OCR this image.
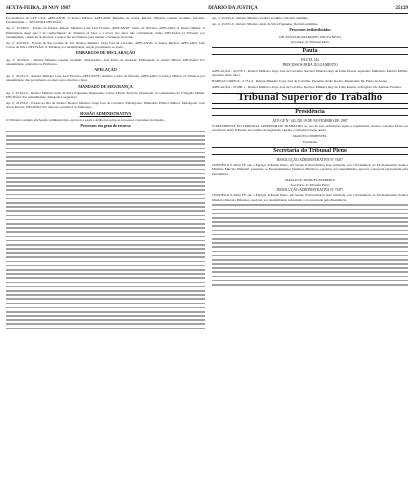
SEXTA-FEIRA, 20 NOV 1987	DIÁRIO DA JUSTIÇA	25129
Ex-Auditores de CTE CUA. APELANTE: A Justiça Pública. APELADO: Benedito de Souza. Relator: Ministro Gualter Godinho. Decisão: Unanimidade — SEGUNDA DECISÃO.
Ap. nº 45.048-0 - Estado do Paraná. Relator Ministro Luiz Leal Ferreira. APELANTE: Vanio de Oliveira. APELADO: A Justiça Militar. A Embargante alega que é de conhecimento do Tribunal os fatos e a prova dos autos não constituindo crime. DECISÃO: O Tribunal, por unanimidade, conheceu do Recurso e negou-lhe provimento para manter a Sentença recorrida.
Ap. nº 45.049-0 - Estado do Rio Grande do Sul. Relator Ministro Jorge José de Carvalho. APELANTE: A Justiça Pública. APELADO: João Carlos da Silva. DECISÃO: O Tribunal, por unanimidade, negou provimento ao apelo.
EMBARGOS DE DECLARAÇÃO
Ap. nº 45.050-0 - Relator Ministro Gualter Godinho. Embargante: José Paulo de Andrade. Embargada: A Justiça Militar. DECISÃO: Por unanimidade, rejeitados os Embargos.
APELAÇÃO
Ap. nº 45.051-0 - Relator Ministro Luiz Leal Ferreira. APELANTE: Antônio Carlos de Oliveira. APELADO: A Justiça Militar. O Tribunal, por unanimidade, deu provimento ao apelo para absolver o Réu.
MANDADO DE SEGURANÇA
Ap. nº 45.052-0 - Relator Ministro Aldo da Silva Fagundes. Impetrante: Carlos Alberto Ferreira. Impetrado: O Comandante da 3ª Região Militar. DECISÃO: Por unanimidade, denegada a segurança.
Ap. nº 45.053-0 - Estado do Rio de Janeiro. Relator Ministro Jorge José de Carvalho. Embargante: Ministério Público Militar. Embargado: José Alves Pereira. DECISÃO: Por maioria, recebidos os Embargos.
SESSÃO ADMINISTRATIVA
O Tribunal, reunido em Sessão Administrativa, aprovou a pauta e deliberou sobre os processos constantes da mesma.
Processos em grau de recurso
Ap. nº 45.054-0 - Relator Ministro Gualter Godinho. Decisão unânime.
Ap. nº 45.055-0 - Relator Ministro Aldo da Silva Fagundes. Decisão unânime.
Processos redistribuídos
DR. EUVALDO MARQUES SOUZA NETO
Secretário do Tribunal Pleno
Pauta
PAUTA 144
PROCESSOS PARA JULGAMENTO
APELAÇÃO - 45.079-3 - Relator Ministro Jorge José de Carvalho. Revisor Ministro Ruy de Lima Pessôa. Apelante: Ministério Público Militar. Apelado: Aldo Silva.
HABEAS CORPUS - 5.751-4 - Relator Ministro Jorge José de Carvalho. Paciente: Pedro Rocha. Impetrante: Dr. Paulo de Souza.
APELAÇÃO - 45.080-1 - Relator Ministro Jorge José de Carvalho. Revisor Ministro Ruy de Lima Pessôa. Advogado: Dr. Antônio Ferreira.
Tribunal Superior do Trabalho
Presidência
ATO GP Nº 143, DE 19 DE NOVEMBRO DE 1987
O PRESIDENTE DO TRIBUNAL SUPERIOR DO TRABALHO, no uso de suas atribuições legais e regimentais, resolve conceder férias aos servidores deste Tribunal, nos termos da legislação vigente, conforme relação anexa.
MARCELO PIMENTEL
Presidente
Secretaria do Tribunal Pleno
RESOLUÇÃO ADMINISTRATIVA Nº 74/87
CERTIFICO E DOU FÉ que o Egrégio Tribunal Pleno, em Sessão Extraordinária hoje realizada, sob a Presidência do Excelentíssimo Senhor Ministro Marcelo Pimentel, presentes os Excelentíssimos Senhores Ministros, resolveu, por unanimidade, aprovar a proposta apresentada pela Presidência.
MÁRCIO R. MURGEL FERREIRA
Secretário do Tribunal Pleno
RESOLUÇÃO ADMINISTRATIVA Nº 75/87
CERTIFICO E DOU FÉ que o Egrégio Tribunal Pleno, em Sessão Extraordinária hoje realizada, sob a Presidência do Excelentíssimo Senhor Ministro Marcelo Pimentel, resolveu, por unanimidade, referendar o ato praticado pela Presidência.
